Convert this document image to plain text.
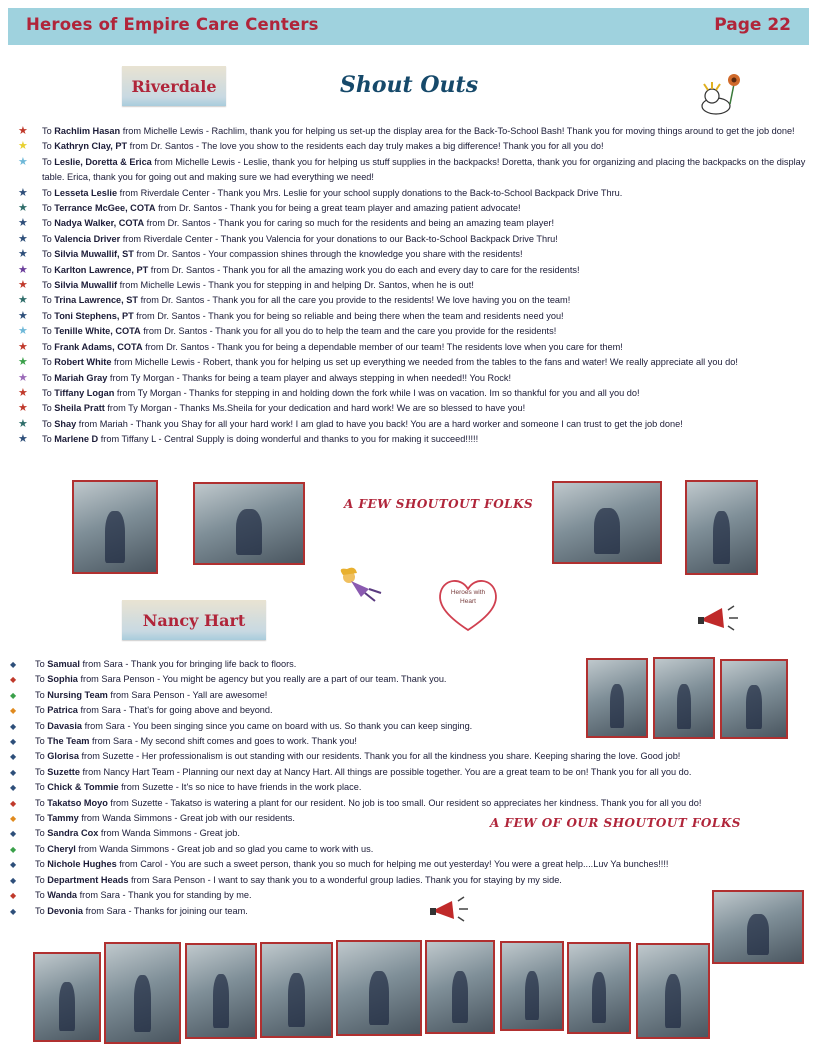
Heroes of Empire Care Centers	Page 22
Riverdale	Shout Outs
★ To Rachlim Hasan from Michelle Lewis - Rachlim, thank you for helping us set-up the display area for the Back-To-School Bash! Thank you for moving things around to get the job done!
★ To Kathryn Clay, PT from Dr. Santos - The love you show to the residents each day truly makes a big difference! Thank you for all you do!
★ To Leslie, Doretta & Erica from Michelle Lewis - Leslie, thank you for helping us stuff supplies in the backpacks! Doretta, thank you for organizing and placing the backpacks on the display table. Erica, thank you for going out and making sure we had everything we need!
★ To Lesseta Leslie from Riverdale Center - Thank you Mrs. Leslie for your school supply donations to the Back-to-School Backpack Drive Thru.
★ To Terrance McGee, COTA from Dr. Santos - Thank you for being a great team player and amazing patient advocate!
★ To Nadya Walker, COTA from Dr. Santos - Thank you for caring so much for the residents and being an amazing team player!
★ To Valencia Driver from Riverdale Center - Thank you Valencia for your donations to our Back-to-School Backpack Drive Thru!
★ To Silvia Muwallif, ST from Dr. Santos - Your compassion shines through the knowledge you share with the residents!
★ To Karlton Lawrence, PT from Dr. Santos - Thank you for all the amazing work you do each and every day to care for the residents!
★ To Silvia Muwallif from Michelle Lewis - Thank you for stepping in and helping Dr. Santos, when he is out!
★ To Trina Lawrence, ST from Dr. Santos - Thank you for all the care you provide to the residents! We love having you on the team!
★ To Toni Stephens, PT from Dr. Santos - Thank you for being so reliable and being there when the team and residents need you!
★ To Tenille White, COTA from Dr. Santos - Thank you for all you do to help the team and the care you provide for the residents!
★ To Frank Adams, COTA from Dr. Santos - Thank you for being a dependable member of our team! The residents love when you care for them!
★ To Robert White from Michelle Lewis - Robert, thank you for helping us set up everything we needed from the tables to the fans and water! We really appreciate all you do!
★ To Mariah Gray from Ty Morgan - Thanks for being a team player and always stepping in when needed!! You Rock!
★ To Tiffany Logan from Ty Morgan - Thanks for stepping in and holding down the fork while I was on vacation. Im so thankful for you and all you do!
★ To Sheila Pratt from Ty Morgan - Thanks Ms.Sheila for your dedication and hard work! We are so blessed to have you!
★ To Shay from Mariah - Thank you Shay for all your hard work! I am glad to have you back! You are a hard worker and someone I can trust to get the job done!
★ To Marlene D from Tiffany L - Central Supply is doing wonderful and thanks to you for making it succeed!!!!!
A FEW SHOUTOUT FOLKS
Heroes with Heart
Nancy Hart
◆ To Samual from Sara - Thank you for bringing life back to floors.
◆ To Sophia from Sara Penson - You might be agency but you really are a part of our team. Thank you.
◆ To Nursing Team from Sara Penson - Yall are awesome!
◆ To Patrica from Sara - That's for going above and beyond.
◆ To Davasia from Sara - You been singing since you came on board with us. So thank you can keep singing.
◆ To The Team from Sara - My second shift comes and goes to work. Thank you!
◆ To Glorisa from Suzette - Her professionalism is out standing with our residents. Thank you for all the kindness you share. Keeping sharing the love. Good job!
◆ To Suzette from Nancy Hart Team - Planning our next day at Nancy Hart. All things are possible together. You are a great team to be on! Thank you for all you do.
◆ To Chick & Tommie from Suzette - It's so nice to have friends in the work place.
◆ To Takatso Moyo from Suzette - Takatso is watering a plant for our resident. No job is too small. Our resident so appreciates her kindness. Thank you for all you do!
◆ To Tammy from Wanda Simmons - Great job with our residents.
◆ To Sandra Cox from Wanda Simmons - Great job.
◆ To Cheryl from Wanda Simmons - Great job and so glad you came to work with us.
◆ To Nichole Hughes from Carol - You are such a sweet person, thank you so much for helping me out yesterday! You were a great help....Luv Ya bunches!!!!
◆ To Department Heads from Sara Penson - I want to say thank you to a wonderful group ladies. Thank you for staying by my side.
◆ To Wanda from Sara - Thank you for standing by me.
◆ To Devonia from Sara - Thanks for joining our team.
A FEW OF OUR SHOUTOUT FOLKS
